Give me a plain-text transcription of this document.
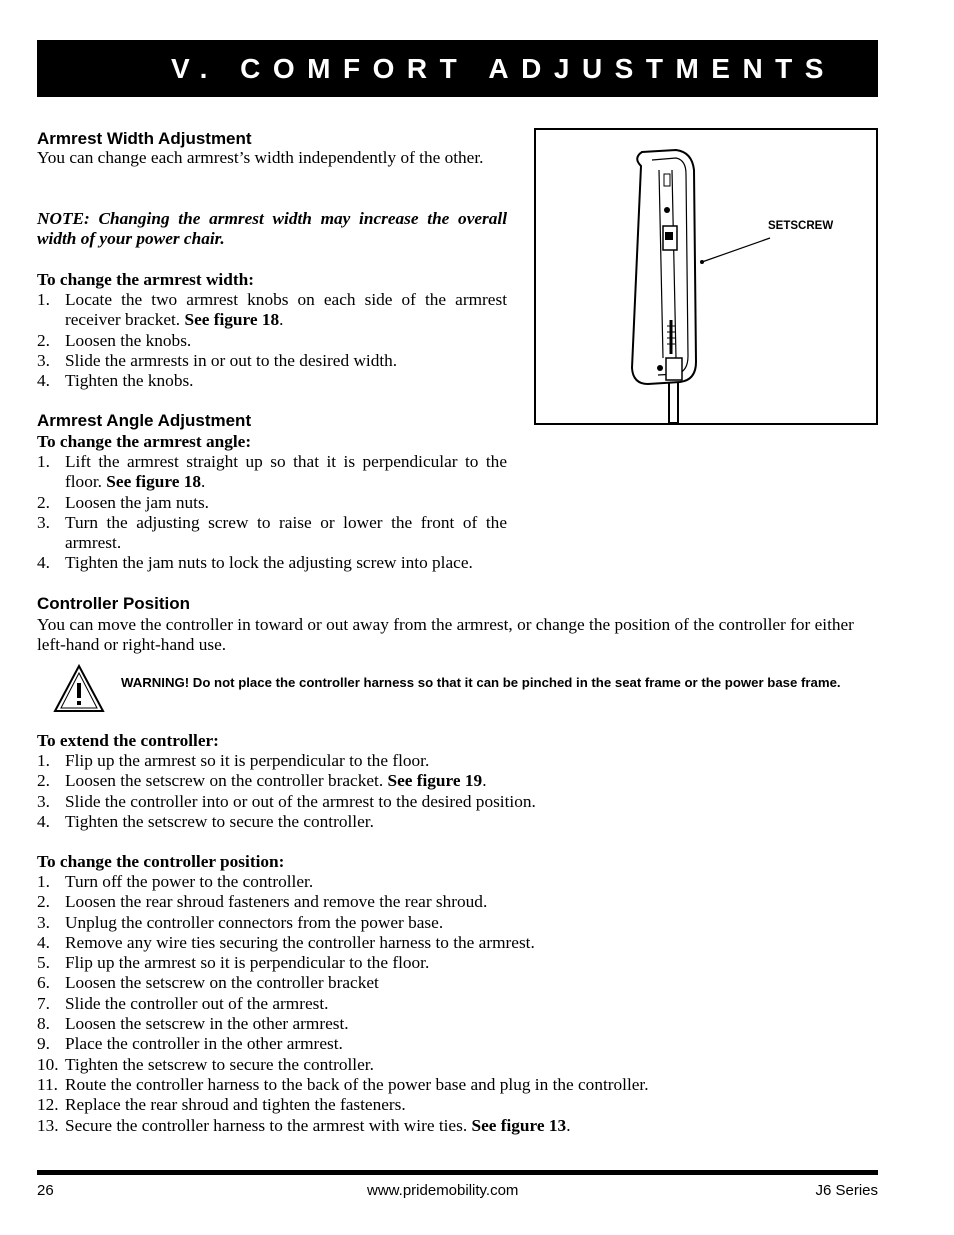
V. COMFORT ADJUSTMENTS
Armrest Width Adjustment
You can change each armrest’s width independently of the other.
NOTE: Changing the armrest width may increase the overall width of your power chair.
To change the armrest width:
1. Locate the two armrest knobs on each side of the armrest receiver bracket. See figure 18.
2. Loosen the knobs.
3. Slide the armrests in or out to the desired width.
4. Tighten the knobs.
Armrest Angle Adjustment
To change the armrest angle:
1. Lift the armrest straight up so that it is perpendicular to the floor. See figure 18.
2. Loosen the jam nuts.
3. Turn the adjusting screw to raise or lower the front of the armrest.
4. Tighten the jam nuts to lock the adjusting screw into place.
SETSCREW
Controller Position
You can move the controller in toward or out away from the armrest, or change the position of the controller for either left-hand or right-hand use.
WARNING! Do not place the controller harness so that it can be pinched in the seat frame or the power base frame.
To extend the controller:
1. Flip up the armrest so it is perpendicular to the floor.
2. Loosen the setscrew on the controller bracket. See figure 19.
3. Slide the controller into or out of the armrest to the desired position.
4. Tighten the setscrew to secure the controller.
To change the controller position:
1. Turn off the power to the controller.
2. Loosen the rear shroud fasteners and remove the rear shroud.
3. Unplug the controller connectors from the power base.
4. Remove any wire ties securing the controller harness to the armrest.
5. Flip up the armrest so it is perpendicular to the floor.
6. Loosen the setscrew on the controller bracket
7. Slide the controller out of the armrest.
8. Loosen the setscrew in the other armrest.
9. Place the controller in the other armrest.
10. Tighten the setscrew to secure the controller.
11. Route the controller harness to the back of the power base and plug in the controller.
12. Replace the rear shroud and tighten the fasteners.
13. Secure the controller harness to the armrest with wire ties. See figure 13.
26	www.pridemobility.com	J6 Series
